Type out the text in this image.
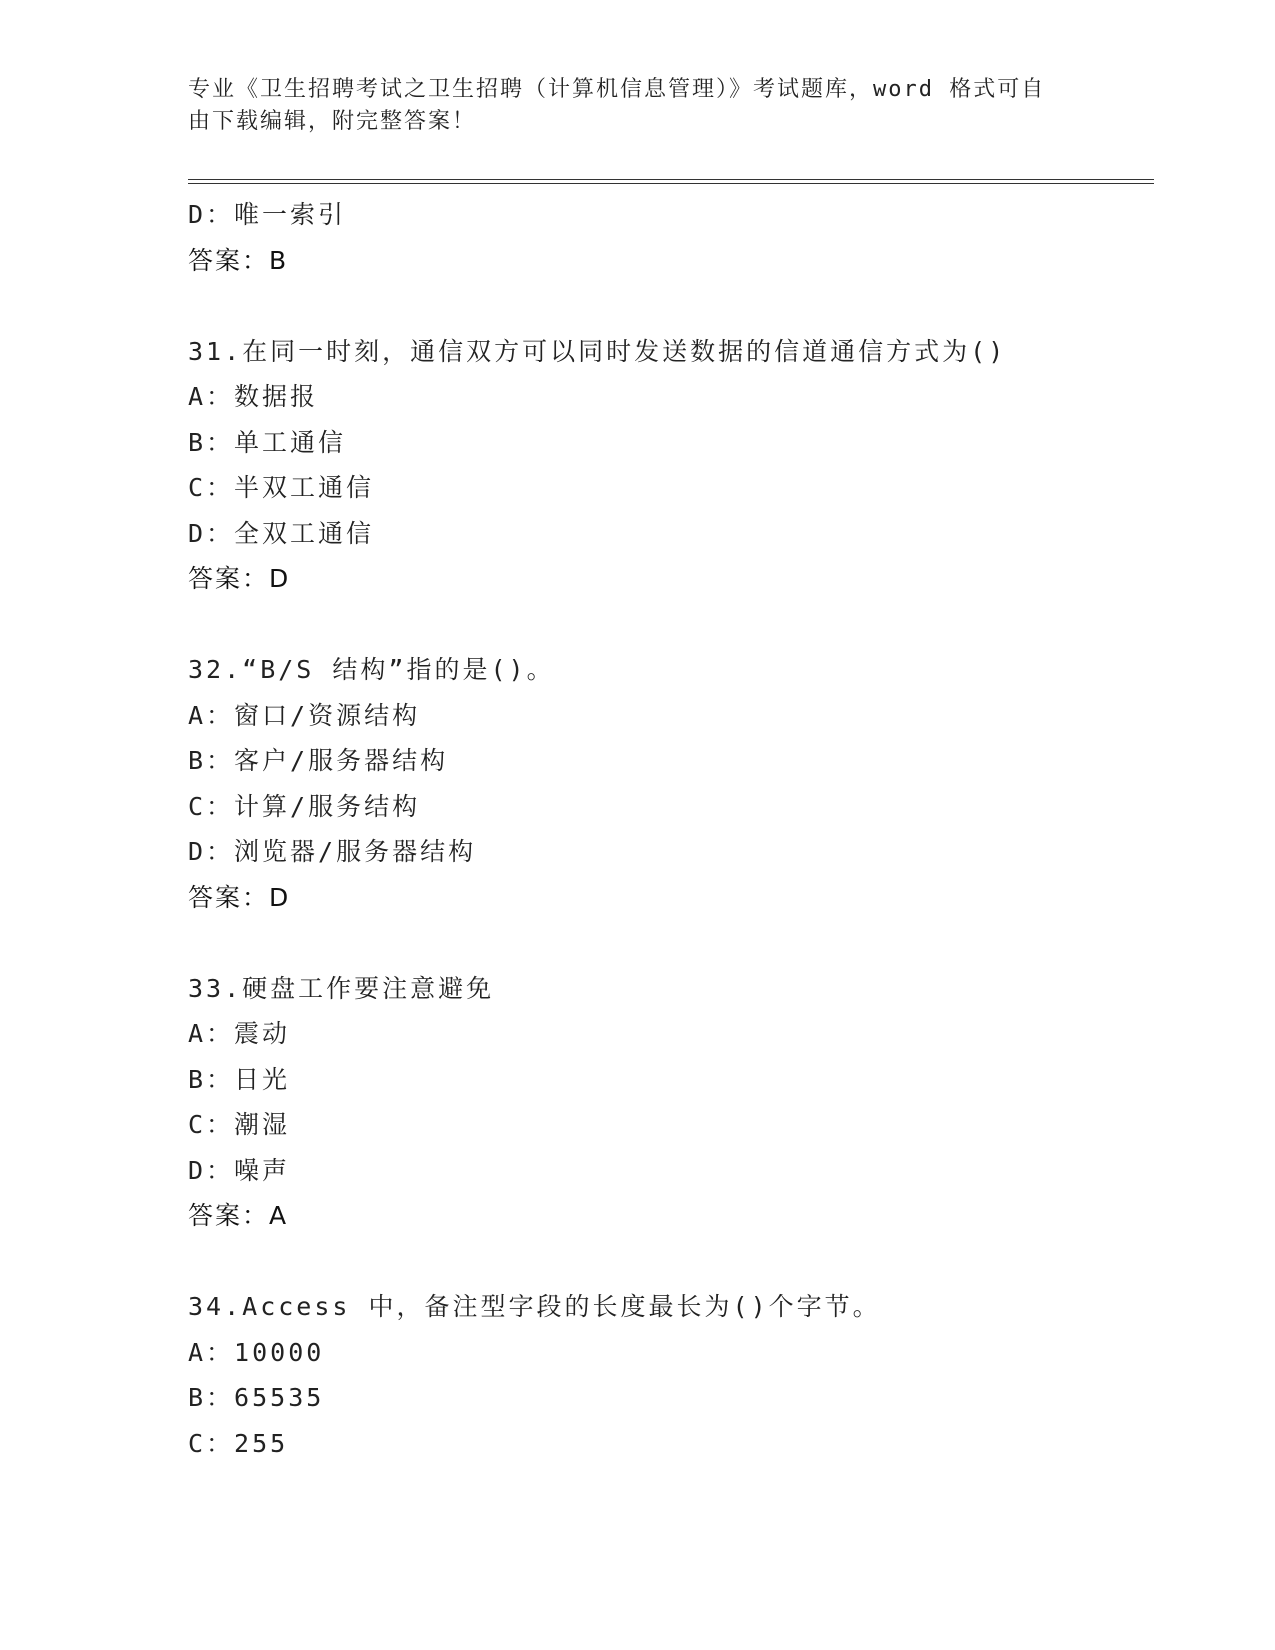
专业《卫生招聘考试之卫生招聘（计算机信息管理）》考试题库，word 格式可自
由下载编辑，附完整答案！
D：唯一索引
答案：B
31.在同一时刻，通信双方可以同时发送数据的信道通信方式为()
A：数据报
B：单工通信
C：半双工通信
D：全双工通信
答案：D
32.“B/S 结构”指的是()。
A：窗口/资源结构
B：客户/服务器结构
C：计算/服务结构
D：浏览器/服务器结构
答案：D
33.硬盘工作要注意避免
A：震动
B：日光
C：潮湿
D：噪声
答案：A
34.Access 中，备注型字段的长度最长为()个字节。
A：10000
B：65535
C：255
